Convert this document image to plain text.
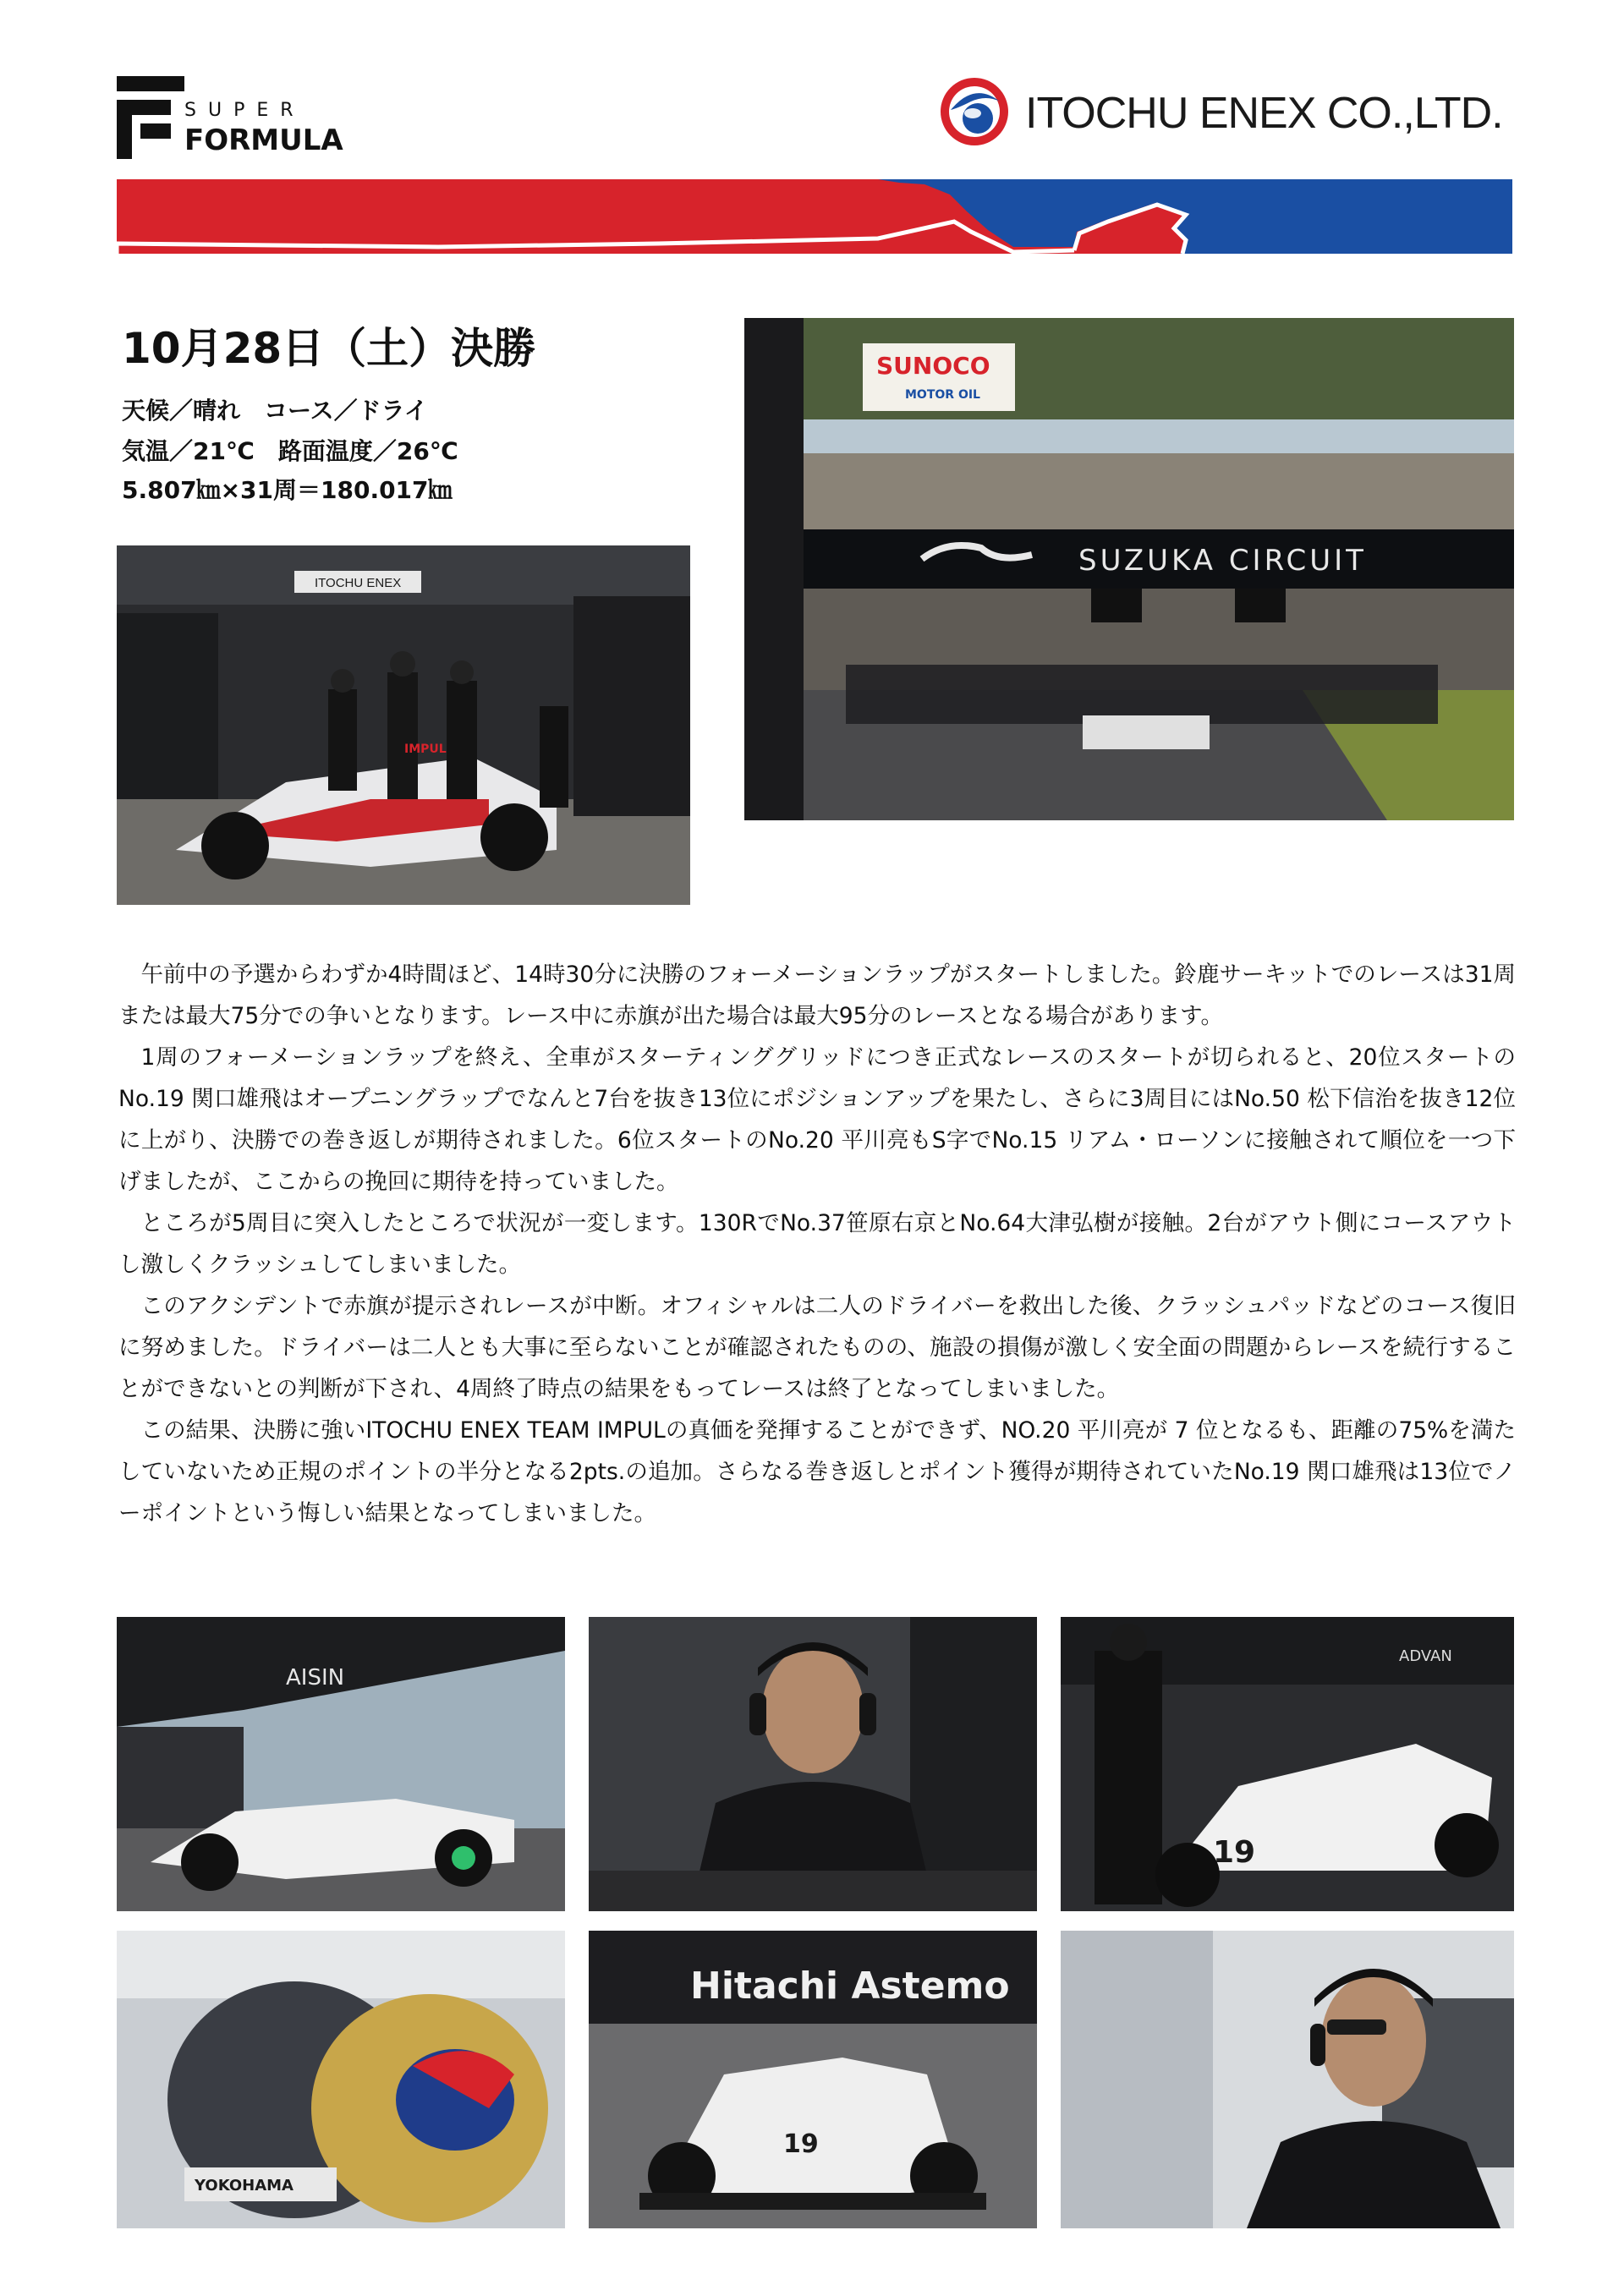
SUPER
FORMULA
ITOCHU ENEX CO.,LTD.
10月28日（土）決勝
天候／晴れ　コース／ドライ
気温／21℃　路面温度／26℃
5.807㎞×31周＝180.017㎞
ITOCHU ENEX
IMPUL
SUNOCO
MOTOR OIL
SUZUKA CIRCUIT

午前中の予選からわずか4時間ほど、14時30分に決勝のフォーメーションラップがスタートしました。鈴鹿サーキットでのレースは31周または最大75分での争いとなります。レース中に赤旗が出た場合は最大95分のレースとなる場合があります。

1周のフォーメーションラップを終え、全車がスターティンググリッドにつき正式なレースのスタートが切られると、20位スタートのNo.19 関口雄飛はオープニングラップでなんと7台を抜き13位にポジションアップを果たし、さらに3周目にはNo.50 松下信治を抜き12位に上がり、決勝での巻き返しが期待されました。6位スタートのNo.20 平川亮もS字でNo.15 リアム・ローソンに接触されて順位を一つ下げましたが、ここからの挽回に期待を持っていました。

ところが5周目に突入したところで状況が一変します。130RでNo.37笹原右京とNo.64大津弘樹が接触。2台がアウト側にコースアウトし激しくクラッシュしてしまいました。

このアクシデントで赤旗が提示されレースが中断。オフィシャルは二人のドライバーを救出した後、クラッシュパッドなどのコース復旧に努めました。ドライバーは二人とも大事に至らないことが確認されたものの、施設の損傷が激しく安全面の問題からレースを続行することができないとの判断が下され、4周終了時点の結果をもってレースは終了となってしまいました。

この結果、決勝に強いITOCHU ENEX TEAM IMPULの真価を発揮することができず、NO.20 平川亮が 7 位となるも、距離の75%を満たしていないため正規のポイントの半分となる2pts.の追加。さらなる巻き返しとポイント獲得が期待されていたNo.19 関口雄飛は13位でノーポイントという悔しい結果となってしまいました。

AISIN
ADVAN
19
YOKOHAMA
Hitachi Astemo
19
